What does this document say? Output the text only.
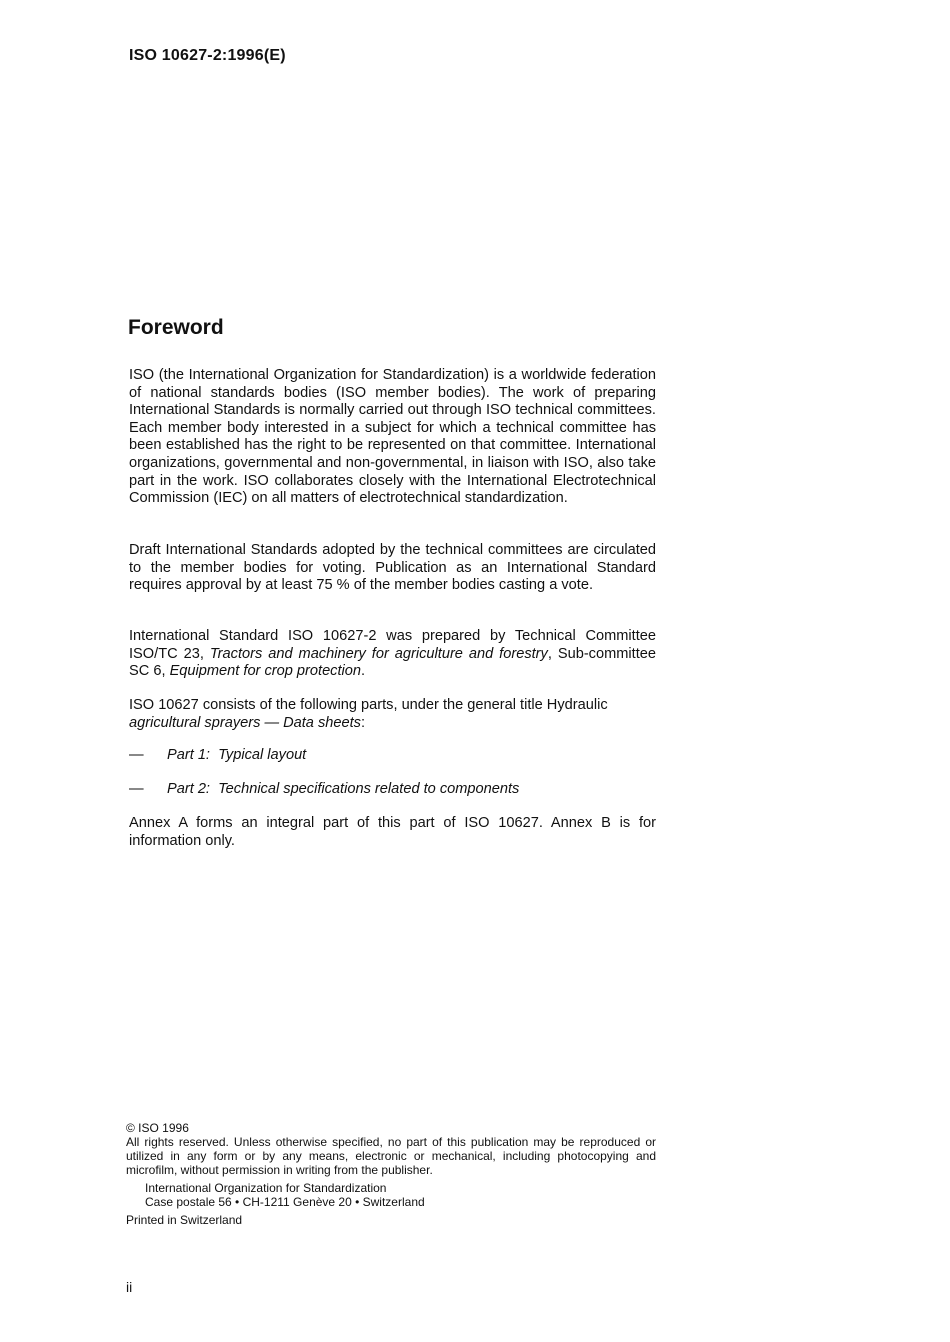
ISO 10627-2:1996(E)
Foreword
ISO (the International Organization for Standardization) is a worldwide federation of national standards bodies (ISO member bodies). The work of preparing International Standards is normally carried out through ISO technical committees. Each member body interested in a subject for which a technical committee has been established has the right to be represented on that committee. International organizations, governmental and non-governmental, in liaison with ISO, also take part in the work. ISO collaborates closely with the International Electrotechnical Commission (IEC) on all matters of electrotechnical standardization.
Draft International Standards adopted by the technical committees are circulated to the member bodies for voting. Publication as an International Standard requires approval by at least 75 % of the member bodies casting a vote.
International Standard ISO 10627-2 was prepared by Technical Committee ISO/TC 23, Tractors and machinery for agriculture and forestry, Sub-committee SC 6, Equipment for crop protection.
ISO 10627 consists of the following parts, under the general title Hydraulic agricultural sprayers — Data sheets:
— Part 1:  Typical layout
— Part 2:  Technical specifications related to components
Annex A forms an integral part of this part of ISO 10627. Annex B is for information only.
© ISO 1996
All rights reserved. Unless otherwise specified, no part of this publication may be reproduced or utilized in any form or by any means, electronic or mechanical, including photocopying and microfilm, without permission in writing from the publisher.
International Organization for Standardization
Case postale 56 • CH-1211 Genève 20 • Switzerland
Printed in Switzerland
ii
